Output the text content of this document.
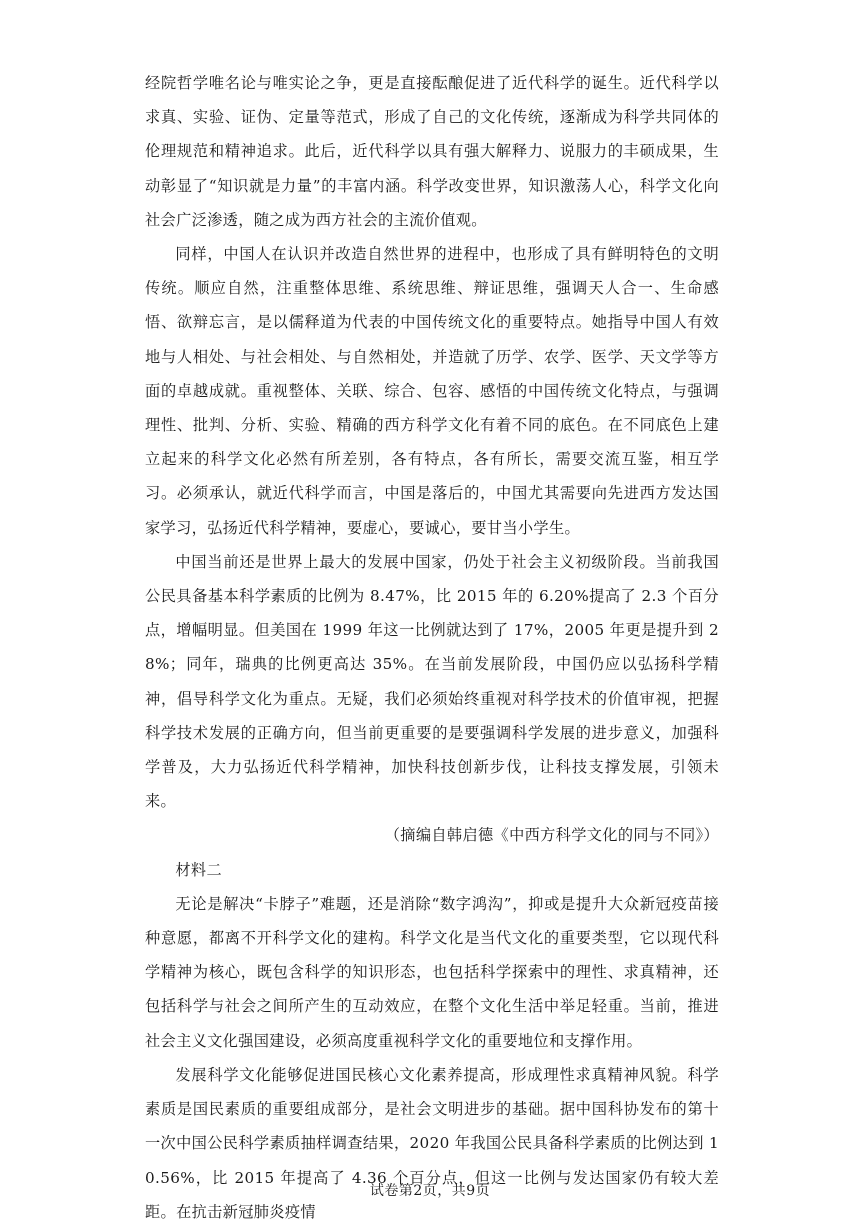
经院哲学唯名论与唯实论之争，更是直接酝酿促进了近代科学的诞生。近代科学以求真、实验、证伪、定量等范式，形成了自己的文化传统，逐渐成为科学共同体的伦理规范和精神追求。此后，近代科学以具有强大解释力、说服力的丰硕成果，生动彰显了“知识就是力量”的丰富内涵。科学改变世界，知识激荡人心，科学文化向社会广泛渗透，随之成为西方社会的主流价值观。

同样，中国人在认识并改造自然世界的进程中，也形成了具有鲜明特色的文明传统。顺应自然，注重整体思维、系统思维、辩证思维，强调天人合一、生命感悟、欲辩忘言，是以儒释道为代表的中国传统文化的重要特点。她指导中国人有效地与人相处、与社会相处、与自然相处，并造就了历学、农学、医学、天文学等方面的卓越成就。重视整体、关联、综合、包容、感悟的中国传统文化特点，与强调理性、批判、分析、实验、精确的西方科学文化有着不同的底色。在不同底色上建立起来的科学文化必然有所差别，各有特点，各有所长，需要交流互鉴，相互学习。必须承认，就近代科学而言，中国是落后的，中国尤其需要向先进西方发达国家学习，弘扬近代科学精神，要虚心，要诚心，要甘当小学生。

中国当前还是世界上最大的发展中国家，仍处于社会主义初级阶段。当前我国公民具备基本科学素质的比例为 8.47%，比 2015 年的 6.20%提高了 2.3 个百分点，增幅明显。但美国在 1999 年这一比例就达到了 17%，2005 年更是提升到 28%；同年，瑞典的比例更高达 35%。在当前发展阶段，中国仍应以弘扬科学精神，倡导科学文化为重点。无疑，我们必须始终重视对科学技术的价值审视，把握科学技术发展的正确方向，但当前更重要的是要强调科学发展的进步意义，加强科学普及，大力弘扬近代科学精神，加快科技创新步伐，让科技支撑发展，引领未来。

（摘编自韩启德《中西方科学文化的同与不同》）

材料二

无论是解决“卡脖子”难题，还是消除“数字鸿沟”，抑或是提升大众新冠疫苗接种意愿，都离不开科学文化的建构。科学文化是当代文化的重要类型，它以现代科学精神为核心，既包含科学的知识形态，也包括科学探索中的理性、求真精神，还包括科学与社会之间所产生的互动效应，在整个文化生活中举足轻重。当前，推进社会主义文化强国建设，必须高度重视科学文化的重要地位和支撑作用。

发展科学文化能够促进国民核心文化素养提高，形成理性求真精神风貌。科学素质是国民素质的重要组成部分，是社会文明进步的基础。据中国科协发布的第十一次中国公民科学素质抽样调查结果，2020 年我国公民具备科学素质的比例达到 10.56%，比 2015 年提高了 4.36 个百分点，但这一比例与发达国家仍有较大差距。在抗击新冠肺炎疫情

试卷第2页，共9页
